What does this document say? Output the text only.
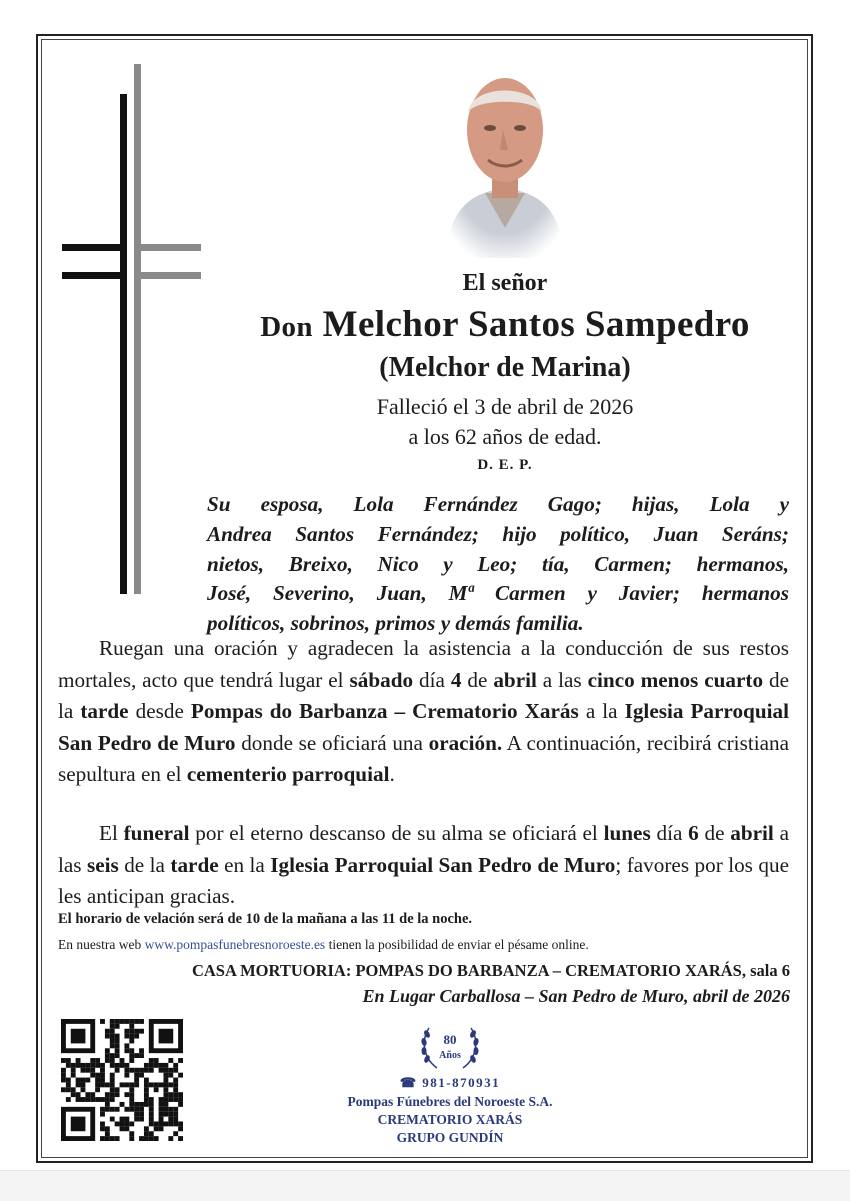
El señor
Don Melchor Santos Sampedro
(Melchor de Marina)
Falleció el 3 de abril de 2026
a los 62 años de edad.
D. E. P.

Su esposa, Lola Fernández Gago; hijas, Lola y

Andrea Santos Fernández; hijo político, Juan Seráns;

nietos, Breixo, Nico y Leo; tía, Carmen; hermanos,

José, Severino, Juan, Mª Carmen y Javier; hermanos

políticos, sobrinos, primos y demás familia.

Ruegan una oración y agradecen la asistencia a la conducción de sus restos mortales, acto que tendrá lugar el sábado día 4 de abril a las cinco menos cuarto de la tarde desde Pompas do Barbanza – Crematorio Xarás a la Iglesia Parroquial San Pedro de Muro donde se oficiará una oración. A continuación, recibirá cristiana sepultura en el cementerio parroquial.
El funeral por el eterno descanso de su alma se oficiará el lunes día 6 de abril a las seis de la tarde en la Iglesia Parroquial San Pedro de Muro; favores por los que les anticipan gracias.
El horario de velación será de 10 de la mañana a las 11 de la noche.
En nuestra web www.pompasfunebresnoroeste.es tienen la posibilidad de enviar el pésame online.
CASA MORTUORIA: POMPAS DO BARBANZA – CREMATORIO XARÁS, sala 6
En Lugar Carballosa – San Pedro de Muro, abril de 2026
80
Años
☎ 981-870931
Pompas Fúnebres del Noroeste S.A.
CREMATORIO XARÁS
GRUPO GUNDÍN
